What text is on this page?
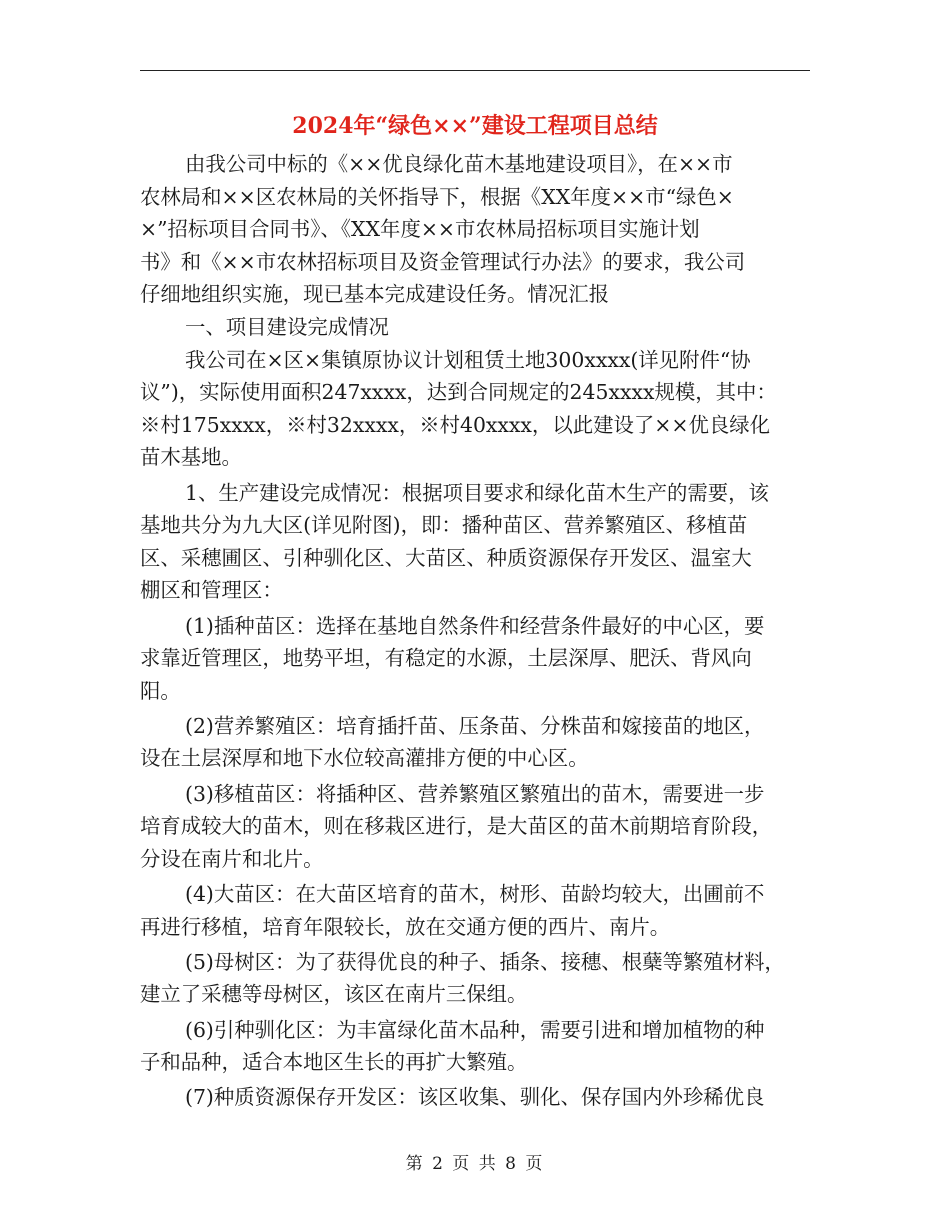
2024年“绿色××”建设工程项目总结
由我公司中标的《××优良绿化苗木基地建设项目》，在××市
农林局和××区农林局的关怀指导下，根据《XX年度××市“绿色×
×”招标项目合同书》、《XX年度××市农林局招标项目实施计划
书》和《××市农林招标项目及资金管理试行办法》的要求，我公司
仔细地组织实施，现已基本完成建设任务。情况汇报
一、项目建设完成情况
我公司在×区×集镇原协议计划租赁土地300xxxx(详见附件“协
议”)，实际使用面积247xxxx，达到合同规定的245xxxx规模，其中：
※村175xxxx，※村32xxxx，※村40xxxx，以此建设了××优良绿化
苗木基地。
1、生产建设完成情况：根据项目要求和绿化苗木生产的需要，该
基地共分为九大区(详见附图)，即：播种苗区、营养繁殖区、移植苗
区、采穗圃区、引种驯化区、大苗区、种质资源保存开发区、温室大
棚区和管理区：
(1)插种苗区：选择在基地自然条件和经营条件最好的中心区，要
求靠近管理区，地势平坦，有稳定的水源，土层深厚、肥沃、背风向
阳。
(2)营养繁殖区：培育插扦苗、压条苗、分株苗和嫁接苗的地区，
设在土层深厚和地下水位较高灌排方便的中心区。
(3)移植苗区：将插种区、营养繁殖区繁殖出的苗木，需要进一步
培育成较大的苗木，则在移栽区进行，是大苗区的苗木前期培育阶段，
分设在南片和北片。
(4)大苗区：在大苗区培育的苗木，树形、苗龄均较大，出圃前不
再进行移植，培育年限较长，放在交通方便的西片、南片。
(5)母树区：为了获得优良的种子、插条、接穗、根蘖等繁殖材料，
建立了采穗等母树区，该区在南片三保组。
(6)引种驯化区：为丰富绿化苗木品种，需要引进和增加植物的种
子和品种，适合本地区生长的再扩大繁殖。
(7)种质资源保存开发区：该区收集、驯化、保存国内外珍稀优良
第 2 页 共 8 页
